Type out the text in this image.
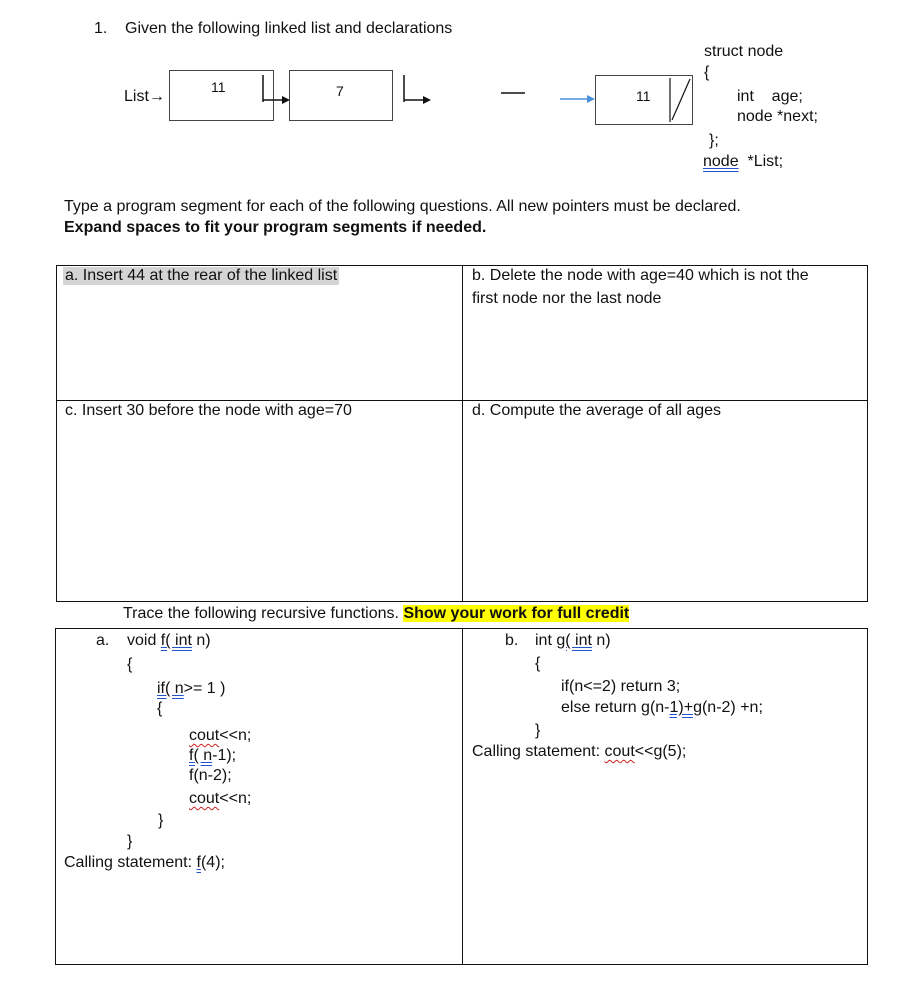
1. Given the following linked list and declarations
List→
11	7	11
struct node
{
int    age;
node *next;
};
node *List;
Type a program segment for each of the following questions. All new pointers must be declared.
Expand spaces to fit your program segments if needed.
a. Insert 44 at the rear of the linked list	b. Delete the node with age=40 which is not the
first node nor the last node
c. Insert 30 before the node with age=70	d. Compute the average of all ages
Trace the following recursive functions. Show your work for full credit
a. void f( int n)
{
if( n>= 1 )
{
cout<<n;
f( n-1);
f(n-2);
cout<<n;
}
}
Calling statement: f(4);
b. int g( int n)
{
if(n<=2) return 3;
else return g(n-1)+g(n-2) +n;
}
Calling statement: cout<<g(5);
